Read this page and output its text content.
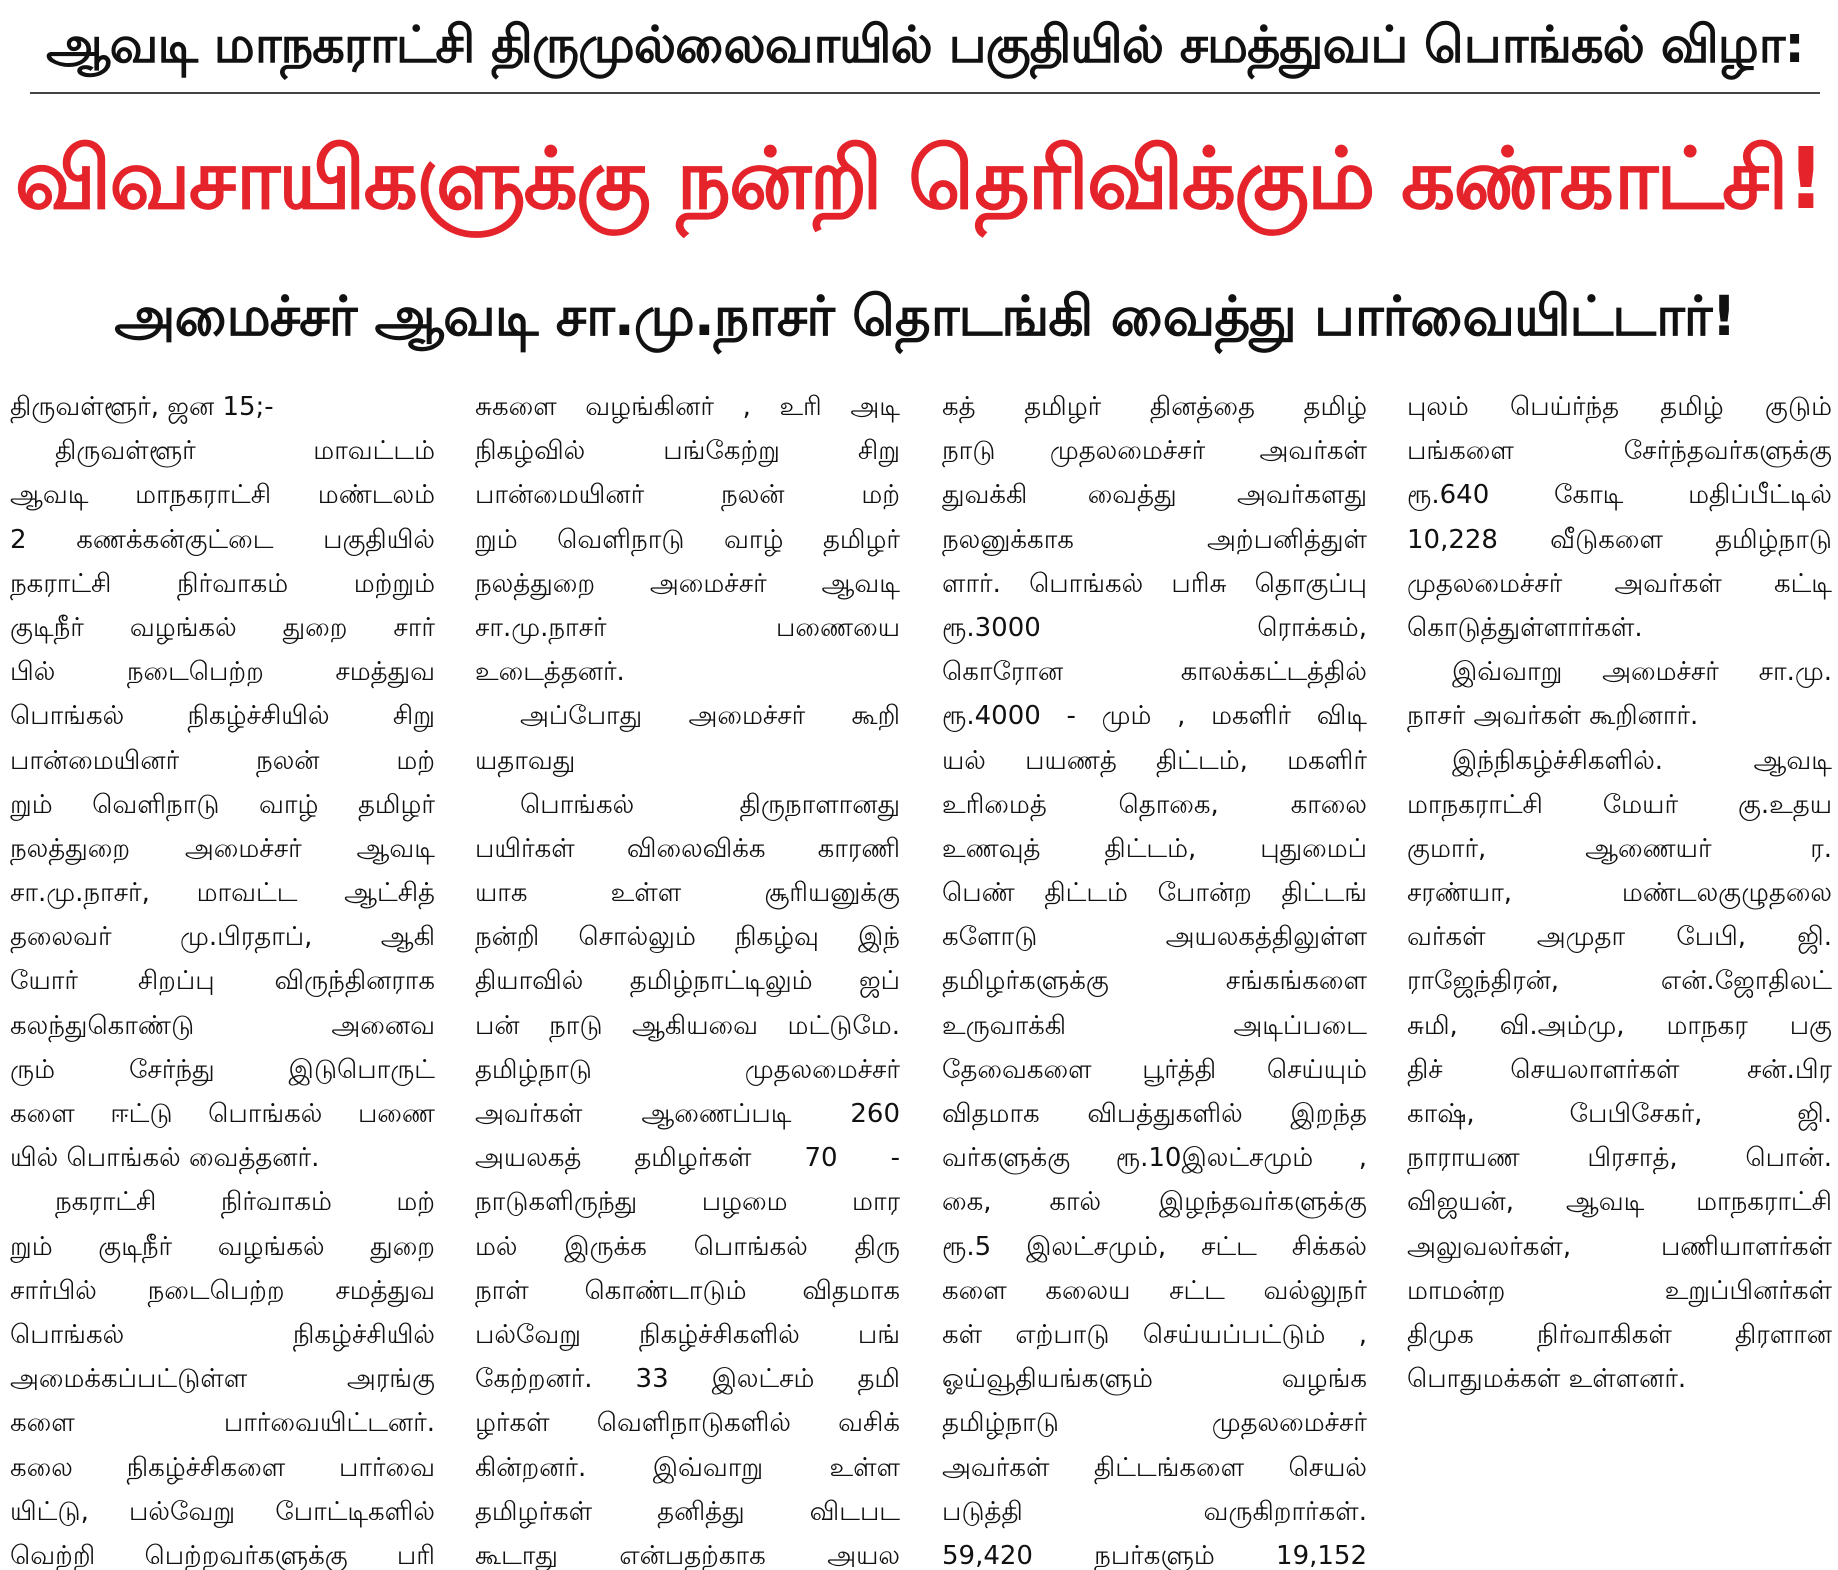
ஆவடி மாநகராட்சி திருமுல்லைவாயில் பகுதியில் சமத்துவப் பொங்கல் விழா:
விவசாயிகளுக்கு நன்றி தெரிவிக்கும் கண்காட்சி!
அமைச்சர் ஆவடி சா.மு.நாசர் தொடங்கி வைத்து பார்வையிட்டார்!
திருவள்ளூர், ஜன 15;-
திருவள்ளூர் மாவட்டம்
ஆவடி மாநகராட்சி மண்டலம்
2 கணக்கன்குட்டை பகுதியில்
நகராட்சி நிர்வாகம் மற்றும்
குடிநீர் வழங்கல் துறை சார்
பில் நடைபெற்ற சமத்துவ
பொங்கல் நிகழ்ச்சியில் சிறு
பான்மையினர் நலன் மற்
றும் வெளிநாடு வாழ் தமிழர்
நலத்துறை அமைச்சர் ஆவடி
சா.மு.நாசர், மாவட்ட ஆட்சித்
தலைவர் மு.பிரதாப், ஆகி
யோர் சிறப்பு விருந்தினராக
கலந்துகொண்டு அனைவ
ரும் சேர்ந்து இடுபொருட்
களை ஈட்டு பொங்கல் பணை
யில் பொங்கல் வைத்தனர்.
நகராட்சி நிர்வாகம் மற்
றும் குடிநீர் வழங்கல் துறை
சார்பில் நடைபெற்ற சமத்துவ
பொங்கல் நிகழ்ச்சியில்
அமைக்கப்பட்டுள்ள அரங்கு
களை பார்வையிட்டனர்.
கலை நிகழ்ச்சிகளை பார்வை
யிட்டு, பல்வேறு போட்டிகளில்
வெற்றி பெற்றவர்களுக்கு பரி
சுகளை வழங்கினர் , உரி அடி
நிகழ்வில் பங்கேற்று சிறு
பான்மையினர் நலன் மற்
றும் வெளிநாடு வாழ் தமிழர்
நலத்துறை அமைச்சர் ஆவடி
சா.மு.நாசர் பணையை
உடைத்தனர்.
அப்போது அமைச்சர் கூறி
யதாவது
பொங்கல் திருநாளானது
பயிர்கள் விலைவிக்க காரணி
யாக உள்ள சூரியனுக்கு
நன்றி சொல்லும் நிகழ்வு இந்
தியாவில் தமிழ்நாட்டிலும் ஜப்
பன் நாடு ஆகியவை மட்டுமே.
தமிழ்நாடு முதலமைச்சர்
அவர்கள் ஆணைப்படி 260
அயலகத் தமிழர்கள் 70 -
நாடுகளிருந்து பழமை மார
மல் இருக்க பொங்கல் திரு
நாள் கொண்டாடும் விதமாக
பல்வேறு நிகழ்ச்சிகளில் பங்
கேற்றனர். 33 இலட்சம் தமி
ழர்கள் வெளிநாடுகளில் வசிக்
கின்றனர். இவ்வாறு உள்ள
தமிழர்கள் தனித்து விடபட
கூடாது என்பதற்காக அயல
கத் தமிழர் தினத்தை தமிழ்
நாடு முதலமைச்சர் அவர்கள்
துவக்கி வைத்து அவர்களது
நலனுக்காக அற்பனித்துள்
ளார். பொங்கல் பரிசு தொகுப்பு
ரூ.3000 ரொக்கம்,
கொரோன காலக்கட்டத்தில்
ரூ.4000 - மும் , மகளிர் விடி
யல் பயணத் திட்டம், மகளிர்
உரிமைத் தொகை, காலை
உணவுத் திட்டம், புதுமைப்
பெண் திட்டம் போன்ற திட்டங்
களோடு அயலகத்திலுள்ள
தமிழர்களுக்கு சங்கங்களை
உருவாக்கி அடிப்படை
தேவைகளை பூர்த்தி செய்யும்
விதமாக விபத்துகளில் இறந்த
வர்களுக்கு ரூ.10இலட்சமும் ,
கை, கால் இழந்தவர்களுக்கு
ரூ.5 இலட்சமும், சட்ட சிக்கல்
களை கலைய சட்ட வல்லுநர்
கள் எற்பாடு செய்யப்பட்டும் ,
ஓய்வூதியங்களும் வழங்க
தமிழ்நாடு முதலமைச்சர்
அவர்கள் திட்டங்களை செயல்
படுத்தி வருகிறார்கள்.
59,420 நபர்களும் 19,152
புலம் பெய்ர்ந்த தமிழ் குடும்
பங்களை சேர்ந்தவர்களுக்கு
ரூ.640 கோடி மதிப்பீட்டில்
10,228 வீடுகளை தமிழ்நாடு
முதலமைச்சர் அவர்கள் கட்டி
கொடுத்துள்ளார்கள்.
இவ்வாறு அமைச்சர் சா.மு.
நாசர் அவர்கள் கூறினார்.
இந்நிகழ்ச்சிகளில். ஆவடி
மாநகராட்சி மேயர் கு.உதய
குமார், ஆணையர் ர.
சரண்யா, மண்டலகுழுதலை
வர்கள் அமுதா பேபி, ஜி.
ராஜேந்திரன், என்.ஜோதிலட்
சுமி, வி.அம்மு, மாநகர பகு
திச் செயலாளர்கள் சன்.பிர
காஷ், பேபிசேகர், ஜி.
நாராயண பிரசாத், பொன்.
விஜயன், ஆவடி மாநகராட்சி
அலுவலர்கள், பணியாளர்கள்
மாமன்ற உறுப்பினர்கள்
திமுக நிர்வாகிகள் திரளான
பொதுமக்கள் உள்ளனர்.
